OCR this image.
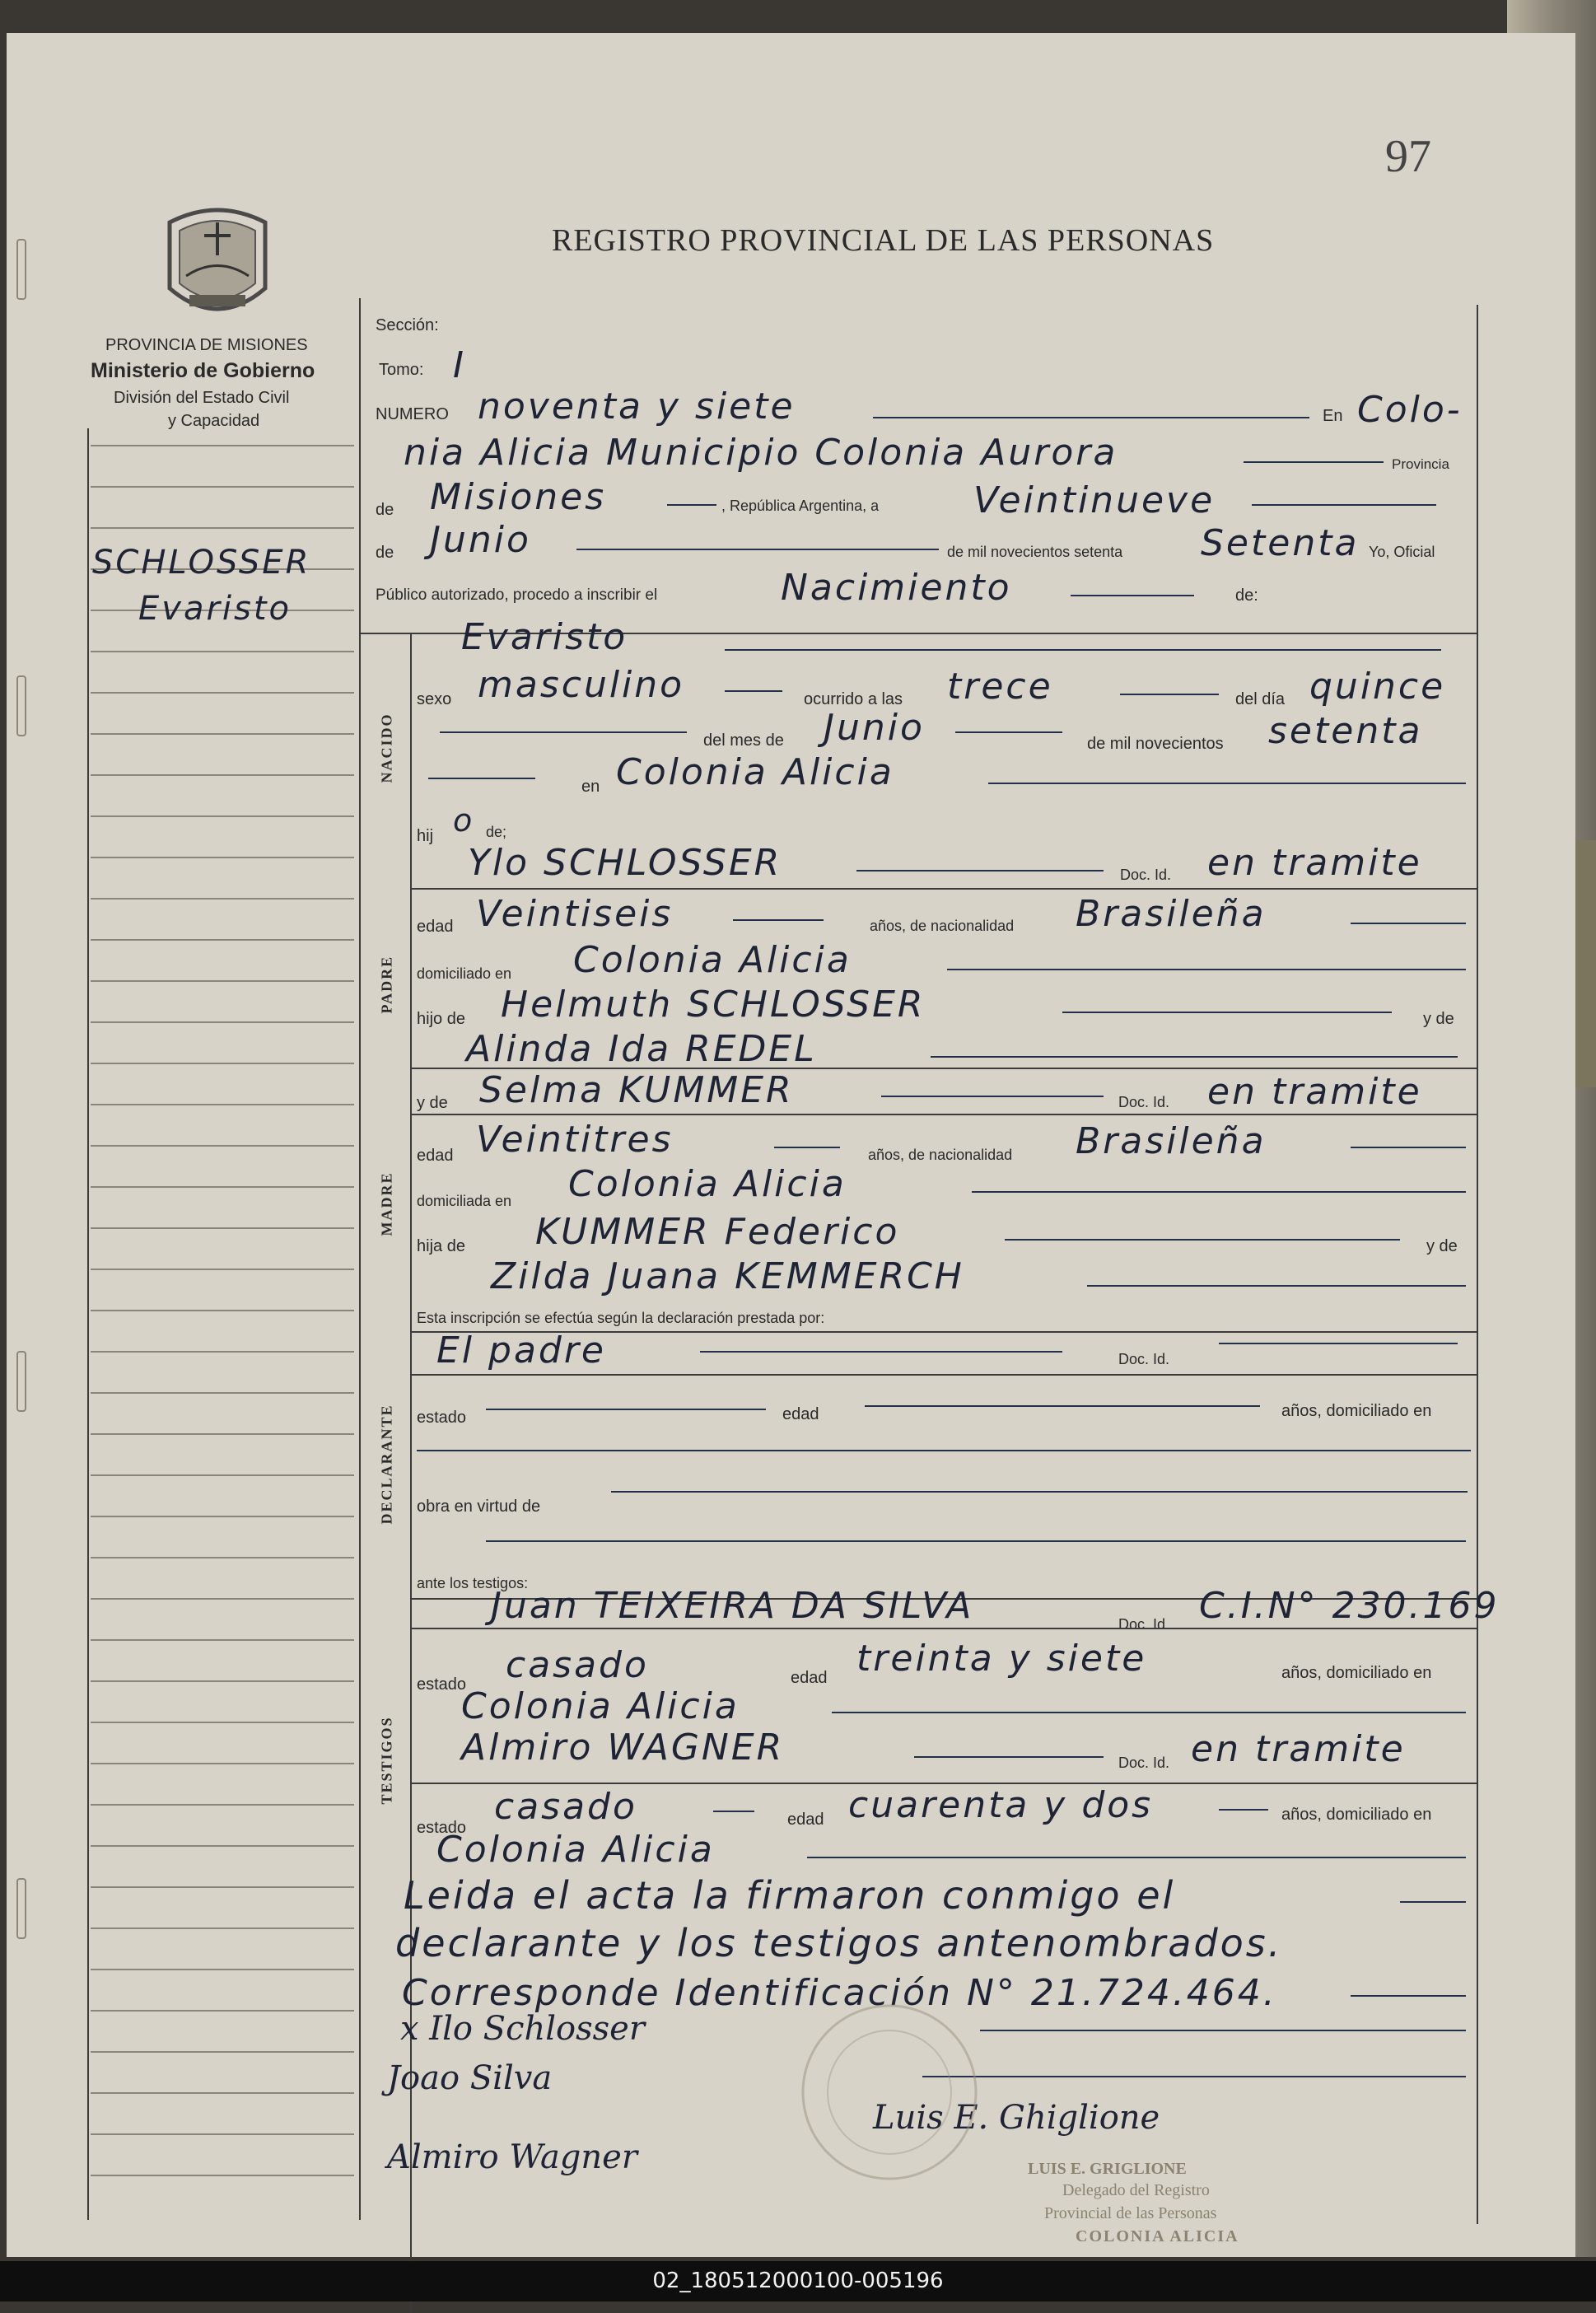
97
REGISTRO PROVINCIAL DE LAS PERSONAS
PROVINCIA DE MISIONES
Ministerio de Gobierno
División del Estado Civil
y Capacidad
SCHLOSSER
Evaristo
Sección:
Tomo: I
NUMERO noventa y siete	En Colo-
nia Alicia Municipio Colonia Aurora	Provincia
de Misiones	, República Argentina, a	Veintinueve
de Junio	de mil novecientos setenta Setenta Yo, Oficial
Público autorizado, procedo a inscribir el	Nacimiento	de:
NACIDO
Evaristo
sexo masculino	ocurrido a las trece	del día quince
del mes de Junio	de mil novecientos setenta
en Colonia Alicia
hij o de;
Ylo SCHLOSSER	Doc. Id. en tramite
PADRE
edad Veintiseis	años, de nacionalidad Brasileña
domiciliado en Colonia Alicia
hijo de Helmuth SCHLOSSER	y de
Alinda Ida REDEL
y de Selma KUMMER	Doc. Id. en tramite
MADRE
edad Veintitres	años, de nacionalidad Brasileña
domiciliada en Colonia Alicia
hija de KUMMER Federico	y de
Zilda Juana KEMMERCH
Esta inscripción se efectúa según la declaración prestada por:
El padre	Doc. Id.
DECLARANTE estado	edad	años, domiciliado en
obra en virtud de
ante los testigos:
Juan TEIXEIRA DA SILVA	Doc. Id. C.I.N° 230.169
TESTIGOS
estado casado	edad treinta y siete	años, domiciliado en
Colonia Alicia
Almiro WAGNER	Doc. Id. en tramite
estado casado	edad cuarenta y dos	años, domiciliado en
Colonia Alicia
Leida el acta la firmaron conmigo el
declarante y los testigos antenombrados.
Corresponde Identificación N° 21.724.464.
x Ilo Schlosser
Joao Silva
Luis E. Ghiglione
Almiro Wagner	LUIS E. GRIGLIONE
Delegado del Registro
Provincial de las Personas
COLONIA ALICIA
02_180512000100-005196
